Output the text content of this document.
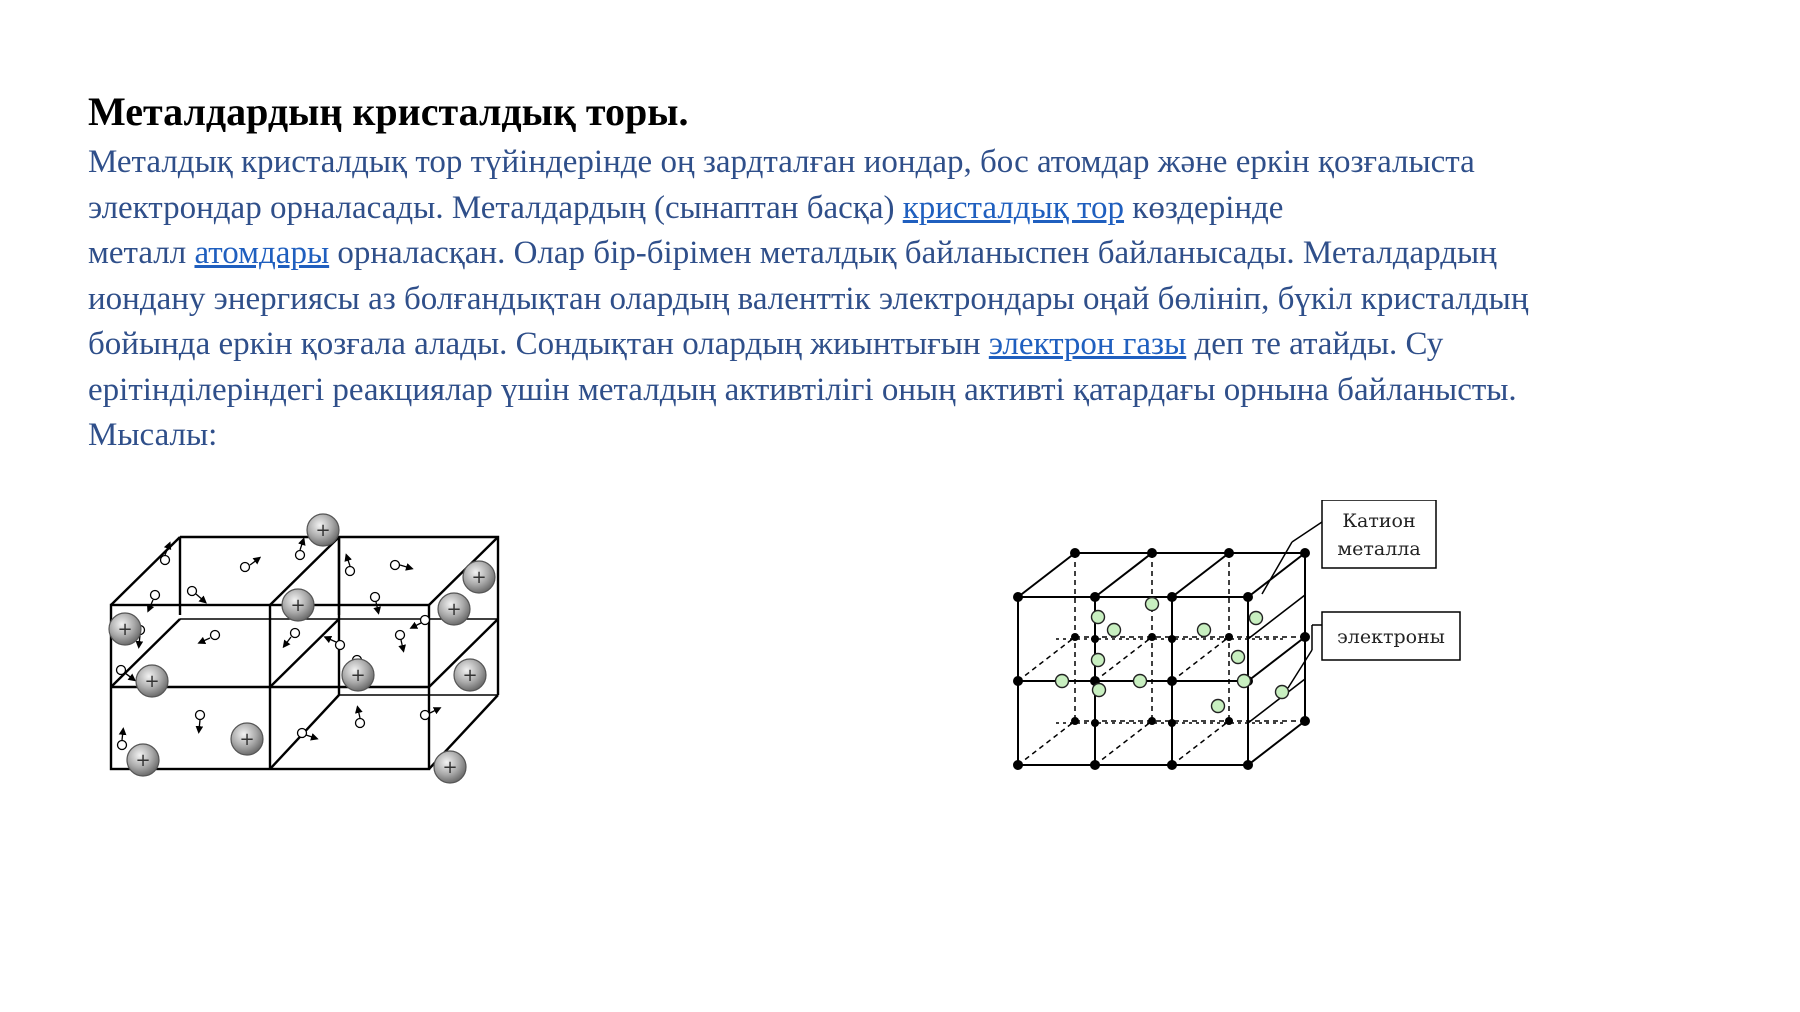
Металдардың кристалдық торы.

Металдық кристалдық тор түйіндерінде оң зардталған иондар, бос атомдар және еркін қозғалыста
электрондар орналасады. Металдардың (сынаптан басқа) кристалдық тор көздерінде
металл атомдары орналасқан. Олар бір-бірімен металдық байланыспен байланысады. Металдардың
иондану энергиясы аз болғандықтан олардың валенттік электрондары оңай бөлініп, бүкіл кристалдың
бойында еркін қозғала алады. Сондықтан олардың жиынтығын электрон газы деп те атайды. Су
ерітінділеріндегі реакциялар үшін металдың активтілігі оның активті қатардағы орнына байланысты.
Мысалы:

+
+
+	+
+
+	+	+
+
+	+
Катион
металла
электроны
